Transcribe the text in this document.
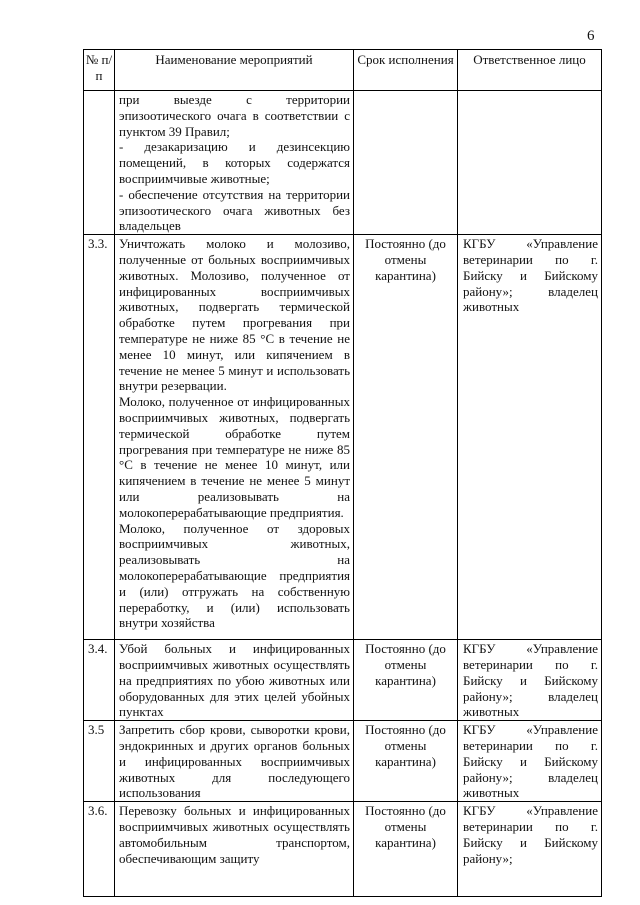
6
№ п/п	Наименование мероприятий	Срок исполнения	Ответственное лицо

	при выезде с территории эпизоотического очага в соответствии с пунктом 39 Правил;

- дезакаризацию и дезинсекцию помещений, в которых содержатся восприимчивые животные;

- обеспечение отсутствия на территории эпизоотического очага животных без владельцев		

3.3.	Уничтожать молоко и молозиво, полученные от больных восприимчивых животных. Молозиво, полученное от инфицированных восприимчивых животных, подвергать термической обработке путем прогревания при температуре не ниже 85 °С в течение не менее 10 минут, или кипячением в течение не менее 5 минут и использовать внутри резервации.

Молоко, полученное от инфицированных восприимчивых животных, подвергать термической обработке путем прогревания при температуре не ниже 85 °С в течение не менее 10 минут, или кипячением в течение не менее 5 минут или реализовывать на молокоперерабатывающие предприятия.

Молоко, полученное от здоровых восприимчивых животных, реализовывать на молокоперерабатывающие предприятия и (или) отгружать на собственную переработку, и (или) использовать внутри хозяйства	Постоянно (до отмены карантина)	КГБУ «Управление ветеринарии по г. Бийску и Бийскому району»; владелец животных
3.4.	Убой больных и инфицированных восприимчивых животных осуществлять на предприятиях по убою животных или оборудованных для этих целей убойных пунктах	Постоянно (до отмены карантина)	КГБУ «Управление ветеринарии по г. Бийску и Бийскому району»; владелец животных
3.5	Запретить сбор крови, сыворотки крови, эндокринных и других органов больных и инфицированных восприимчивых животных для последующего использования	Постоянно (до отмены карантина)	КГБУ «Управление ветеринарии по г. Бийску и Бийскому району»; владелец животных
3.6.	Перевозку больных и инфицированных восприимчивых животных осуществлять автомобильным транспортом, обеспечивающим защиту	Постоянно (до отмены карантина)	КГБУ «Управление ветеринарии по г. Бийску и Бийскому району»;
